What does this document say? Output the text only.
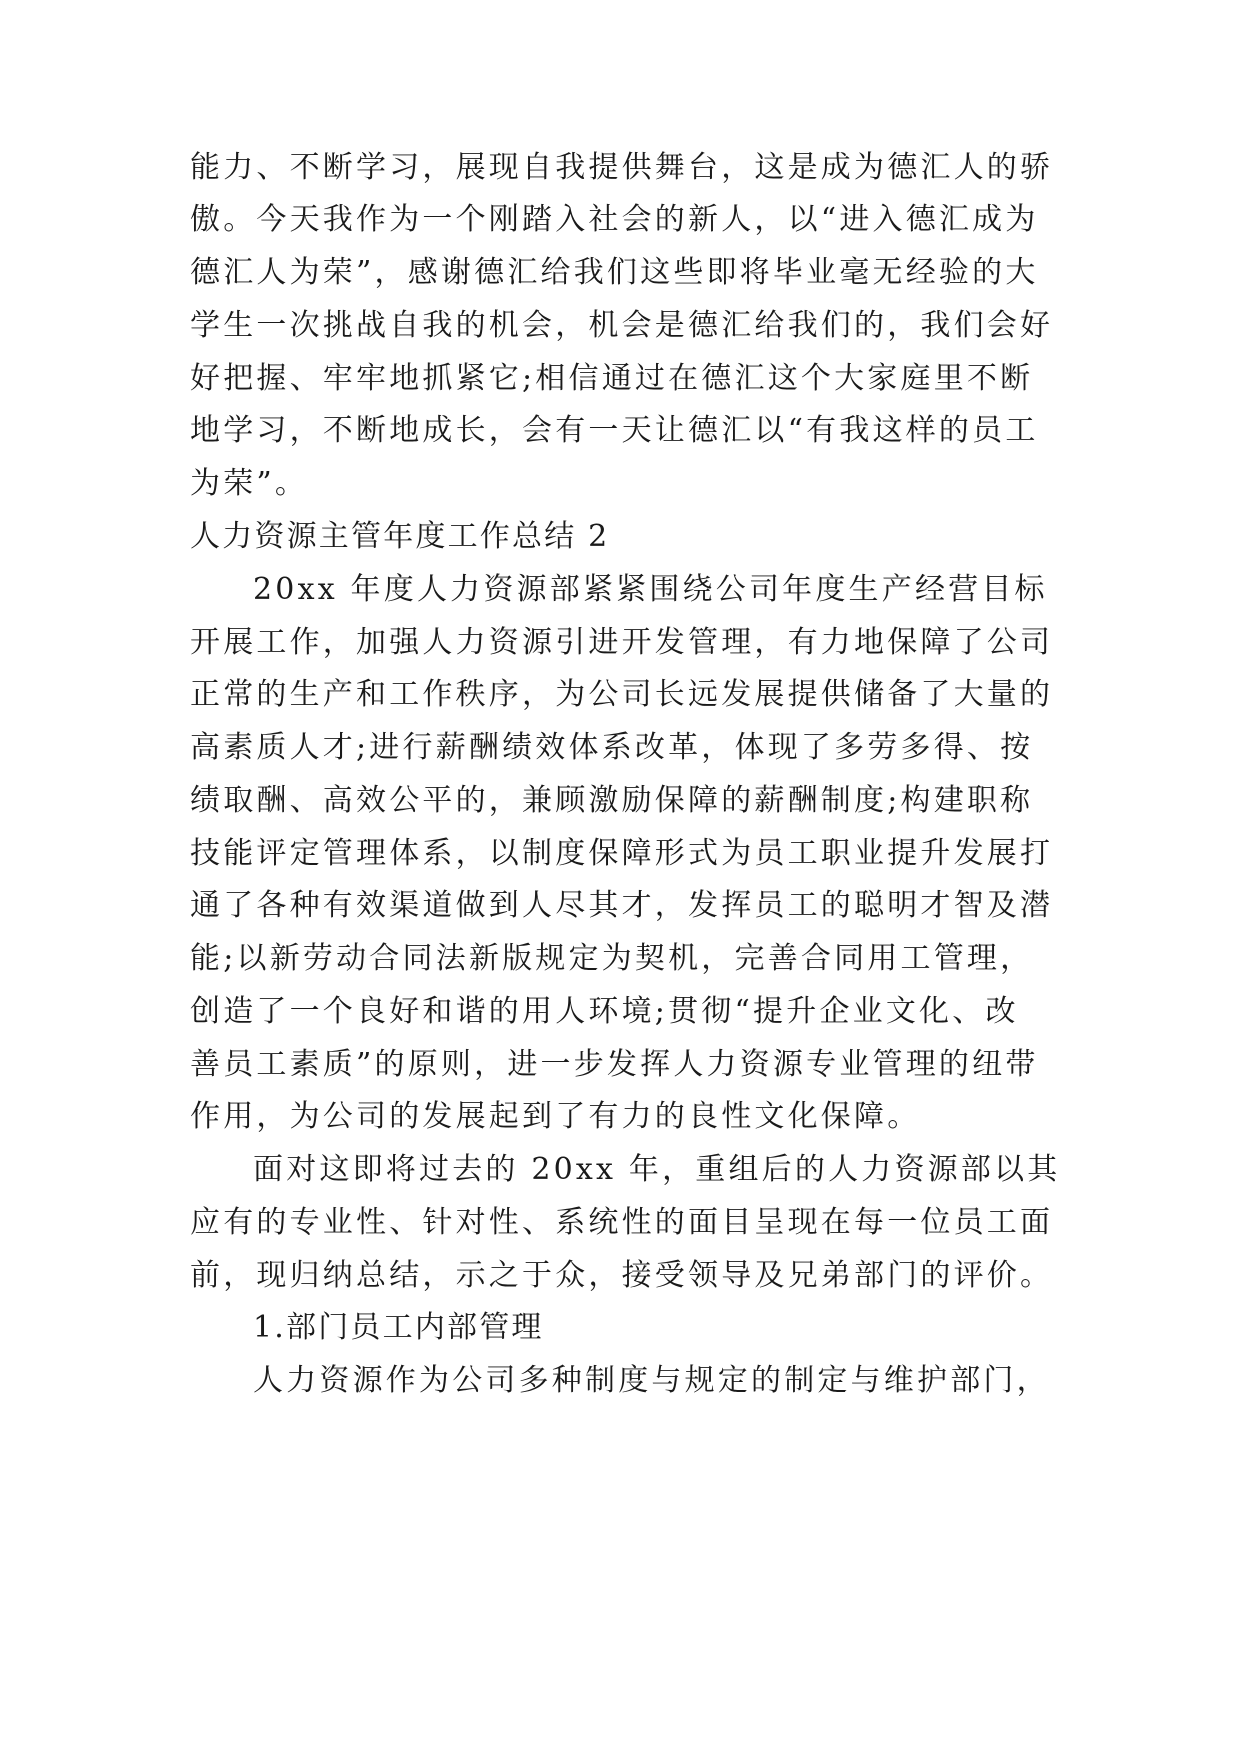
能力、不断学习，展现自我提供舞台，这是成为德汇人的骄
傲。今天我作为一个刚踏入社会的新人，以“进入德汇成为
德汇人为荣”，感谢德汇给我们这些即将毕业毫无经验的大
学生一次挑战自我的机会，机会是德汇给我们的，我们会好
好把握、牢牢地抓紧它;相信通过在德汇这个大家庭里不断
地学习，不断地成长，会有一天让德汇以“有我这样的员工
为荣”。
人力资源主管年度工作总结 2
20xx 年度人力资源部紧紧围绕公司年度生产经营目标
开展工作，加强人力资源引进开发管理，有力地保障了公司
正常的生产和工作秩序，为公司长远发展提供储备了大量的
高素质人才;进行薪酬绩效体系改革，体现了多劳多得、按
绩取酬、高效公平的，兼顾激励保障的薪酬制度;构建职称
技能评定管理体系，以制度保障形式为员工职业提升发展打
通了各种有效渠道做到人尽其才，发挥员工的聪明才智及潜
能;以新劳动合同法新版规定为契机，完善合同用工管理，
创造了一个良好和谐的用人环境;贯彻“提升企业文化、改
善员工素质”的原则，进一步发挥人力资源专业管理的纽带
作用，为公司的发展起到了有力的良性文化保障。
面对这即将过去的 20xx 年，重组后的人力资源部以其
应有的专业性、针对性、系统性的面目呈现在每一位员工面
前，现归纳总结，示之于众，接受领导及兄弟部门的评价。
1.部门员工内部管理
人力资源作为公司多种制度与规定的制定与维护部门，
